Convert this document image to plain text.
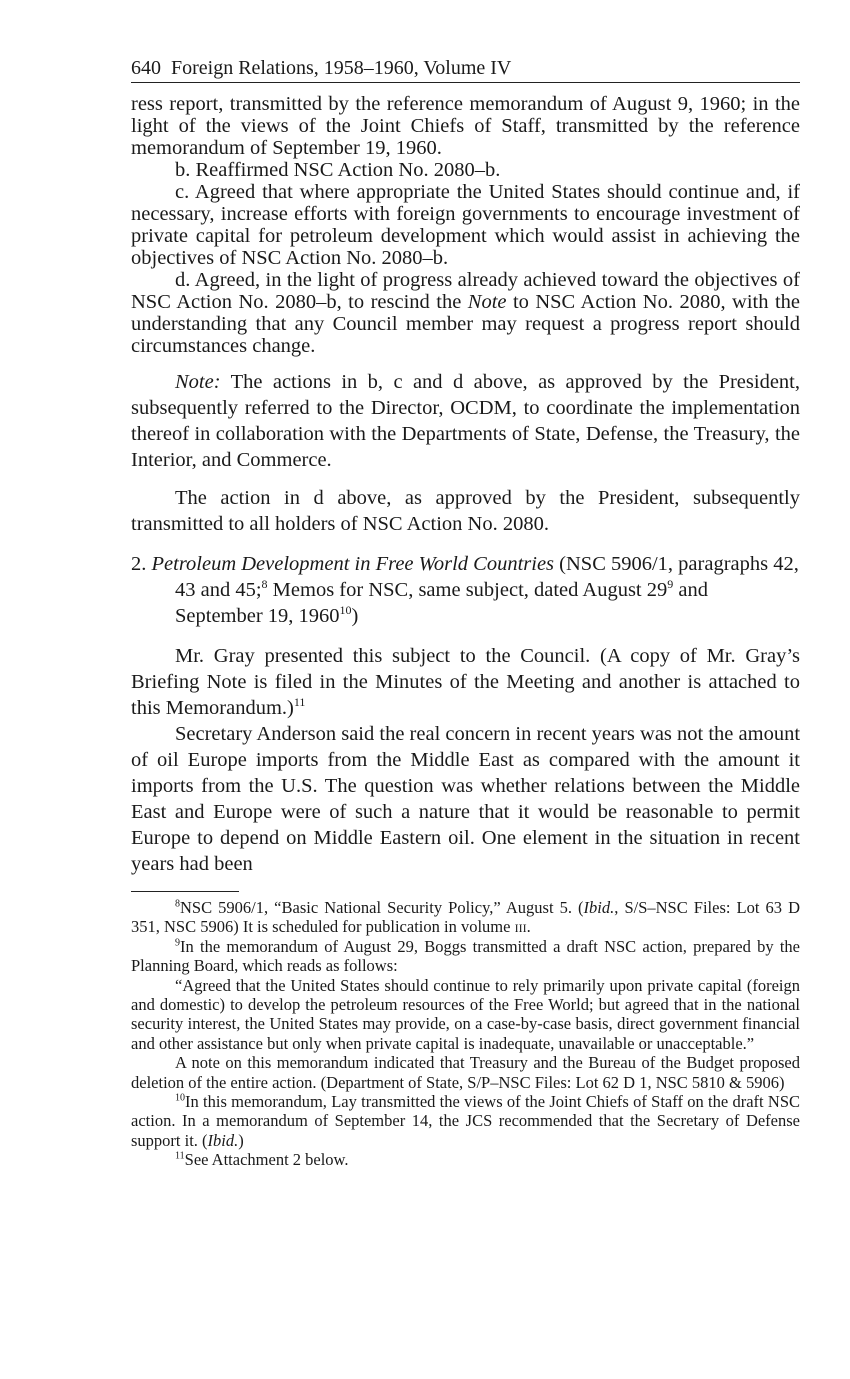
640 Foreign Relations, 1958–1960, Volume IV

ress report, transmitted by the reference memorandum of August 9, 1960; in the light of the views of the Joint Chiefs of Staff, transmitted by the reference memorandum of September 19, 1960.

b. Reaffirmed NSC Action No. 2080–b.

c. Agreed that where appropriate the United States should continue and, if necessary, increase efforts with foreign governments to encourage investment of private capital for petroleum development which would assist in achieving the objectives of NSC Action No. 2080–b.

d. Agreed, in the light of progress already achieved toward the objectives of NSC Action No. 2080–b, to rescind the Note to NSC Action No. 2080, with the understanding that any Council member may request a progress report should circumstances change.

Note: The actions in b, c and d above, as approved by the President, subsequently referred to the Director, OCDM, to coordinate the implementation thereof in collaboration with the Departments of State, Defense, the Treasury, the Interior, and Commerce.

The action in d above, as approved by the President, subsequently transmitted to all holders of NSC Action No. 2080.

2. Petroleum Development in Free World Countries (NSC 5906/1, paragraphs 42, 43 and 45;$^8$ Memos for NSC, same subject, dated August $29^9$ and September 19, 1960$^{10}$)

Mr. Gray presented this subject to the Council. (A copy of Mr. Gray’s Briefing Note is filed in the Minutes of the Meeting and another is attached to this Memorandum.)$^{11}$

Secretary Anderson said the real concern in recent years was not the amount of oil Europe imports from the Middle East as compared with the amount it imports from the U.S. The question was whether relations between the Middle East and Europe were of such a nature that it would be reasonable to permit Europe to depend on Middle Eastern oil. One element in the situation in recent years had been

$^8$NSC 5906/1, “Basic National Security Policy,” August 5. (Ibid., S/S–NSC Files: Lot 63 D 351, NSC 5906) It is scheduled for publication in volume iii.

$^9$In the memorandum of August 29, Boggs transmitted a draft NSC action, prepared by the Planning Board, which reads as follows:

“Agreed that the United States should continue to rely primarily upon private capital (foreign and domestic) to develop the petroleum resources of the Free World; but agreed that in the national security interest, the United States may provide, on a case-by-case basis, direct government financial and other assistance but only when private capital is inadequate, unavailable or unacceptable.”

A note on this memorandum indicated that Treasury and the Bureau of the Budget proposed deletion of the entire action. (Department of State, S/P–NSC Files: Lot 62 D 1, NSC 5810 & 5906)

$^{10}$In this memorandum, Lay transmitted the views of the Joint Chiefs of Staff on the draft NSC action. In a memorandum of September 14, the JCS recommended that the Secretary of Defense support it. (Ibid.)

$^{11}$See Attachment 2 below.
